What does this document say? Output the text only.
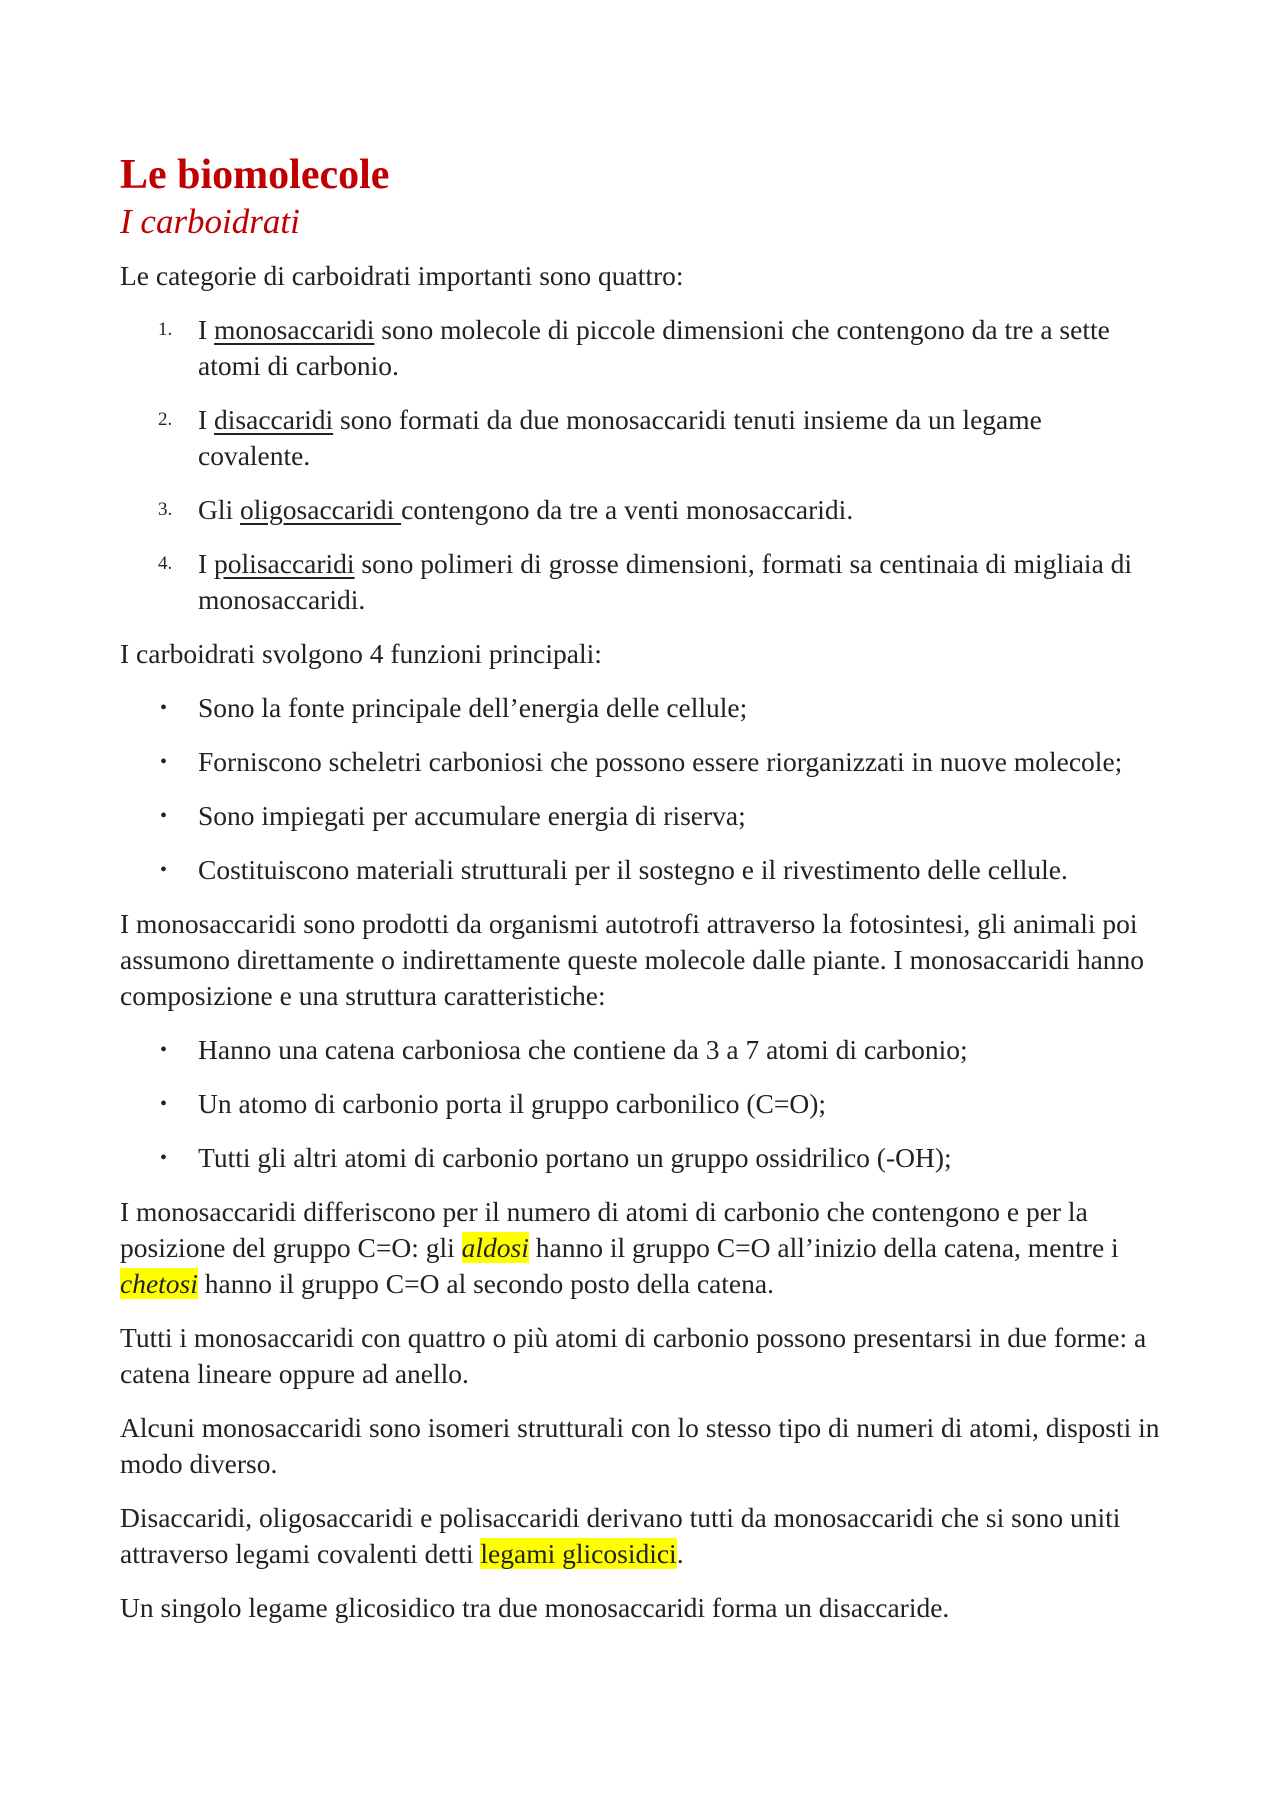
Le biomolecole
I carboidrati

Le categorie di carboidrati importanti sono quattro:

1. I monosaccaridi sono molecole di piccole dimensioni che contengono da tre a sette atomi di carbonio.
2. I disaccaridi sono formati da due monosaccaridi tenuti insieme da un legame covalente.
3. Gli oligosaccaridi contengono da tre a venti monosaccaridi.
4. I polisaccaridi sono polimeri di grosse dimensioni, formati sa centinaia di migliaia di monosaccaridi.

I carboidrati svolgono 4 funzioni principali:

• Sono la fonte principale dell’energia delle cellule;
• Forniscono scheletri carboniosi che possono essere riorganizzati in nuove molecole;
• Sono impiegati per accumulare energia di riserva;
• Costituiscono materiali strutturali per il sostegno e il rivestimento delle cellule.

I monosaccaridi sono prodotti da organismi autotrofi attraverso la fotosintesi, gli animali poi assumono direttamente o indirettamente queste molecole dalle piante. I monosaccaridi hanno composizione e una struttura caratteristiche:

• Hanno una catena carboniosa che contiene da 3 a 7 atomi di carbonio;
• Un atomo di carbonio porta il gruppo carbonilico (C=O);
• Tutti gli altri atomi di carbonio portano un gruppo ossidrilico (-OH);

I monosaccaridi differiscono per il numero di atomi di carbonio che contengono e per la posizione del gruppo C=O: gli aldosi hanno il gruppo C=O all’inizio della catena, mentre i chetosi hanno il gruppo C=O al secondo posto della catena.

Tutti i monosaccaridi con quattro o più atomi di carbonio possono presentarsi in due forme: a catena lineare oppure ad anello.

Alcuni monosaccaridi sono isomeri strutturali con lo stesso tipo di numeri di atomi, disposti in modo diverso.

Disaccaridi, oligosaccaridi e polisaccaridi derivano tutti da monosaccaridi che si sono uniti attraverso legami covalenti detti legami glicosidici.

Un singolo legame glicosidico tra due monosaccaridi forma un disaccaride.
